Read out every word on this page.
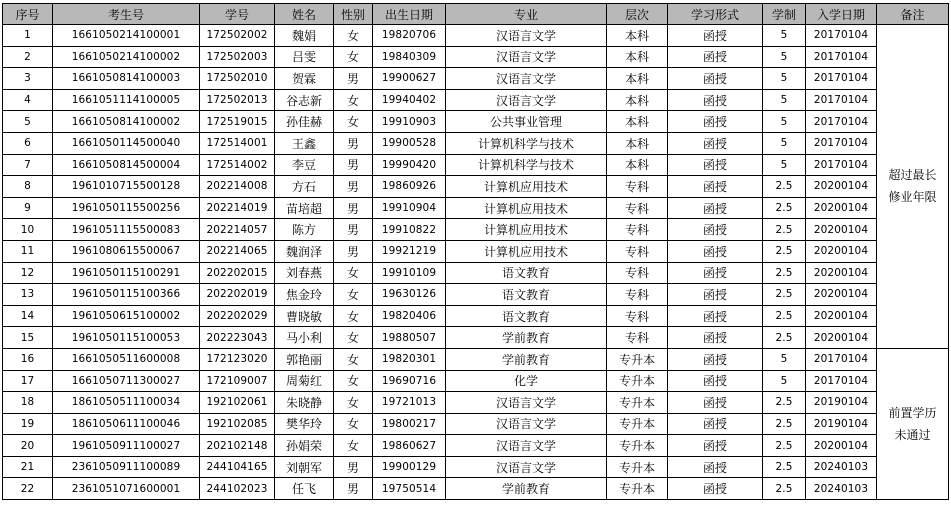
序号	考生号	学号	姓名	性别	出生日期	专业	层次	学习形式	学制	入学日期	备注
1	1661050214100001	172502002	魏娟	女	19820706	汉语言文学	本科	函授	5	20170104	超过最长
修业年限

2	1661050214100002	172502003	吕雯	女	19840309	汉语言文学	本科	函授	5	20170104	
3	1661050814100003	172502010	贺霖	男	19900627	汉语言文学	本科	函授	5	20170104	
4	1661051114100005	172502013	谷志新	女	19940402	汉语言文学	本科	函授	5	20170104	
5	1661050814100002	172519015	孙佳赫	女	19910903	公共事业管理	本科	函授	5	20170104	
6	1661050114500040	172514001	王鑫	男	19900528	计算机科学与技术	本科	函授	5	20170104	
7	1661050814500004	172514002	李豆	男	19990420	计算机科学与技术	本科	函授	5	20170104	
8	1961010715500128	202214008	方石	男	19860926	计算机应用技术	专科	函授	2.5	20200104	
9	1961050115500256	202214019	苗培超	男	19910904	计算机应用技术	专科	函授	2.5	20200104	
10	1961051115500083	202214057	陈方	男	19910822	计算机应用技术	专科	函授	2.5	20200104	
11	1961080615500067	202214065	魏润泽	男	19921219	计算机应用技术	专科	函授	2.5	20200104	
12	1961050115100291	202202015	刘春燕	女	19910109	语文教育	专科	函授	2.5	20200104	
13	1961050115100366	202202019	焦金玲	女	19630126	语文教育	专科	函授	2.5	20200104	
14	1961050615100002	202202029	曹晓敏	女	19820406	语文教育	专科	函授	2.5	20200104	
15	1961050115100053	202223043	马小利	女	19880507	学前教育	专科	函授	2.5	20200104	
16	1661050511600008	172123020	郭艳丽	女	19820301	学前教育	专升本	函授	5	20170104	前置学历
未通过

17	1661050711300027	172109007	周菊红	女	19690716	化学	专升本	函授	5	20170104	
18	1861050511100034	192102061	朱晓静	女	19721013	汉语言文学	专升本	函授	2.5	20190104	
19	1861050611100046	192102085	樊华玲	女	19800217	汉语言文学	专升本	函授	2.5	20190104	
20	1961050911100027	202102148	孙娟荣	女	19860627	汉语言文学	专升本	函授	2.5	20200104	
21	2361050911100089	244104165	刘朝军	男	19900129	汉语言文学	专升本	函授	2.5	20240103	
22	2361051071600001	244102023	任飞	男	19750514	学前教育	专升本	函授	2.5	20240103	
